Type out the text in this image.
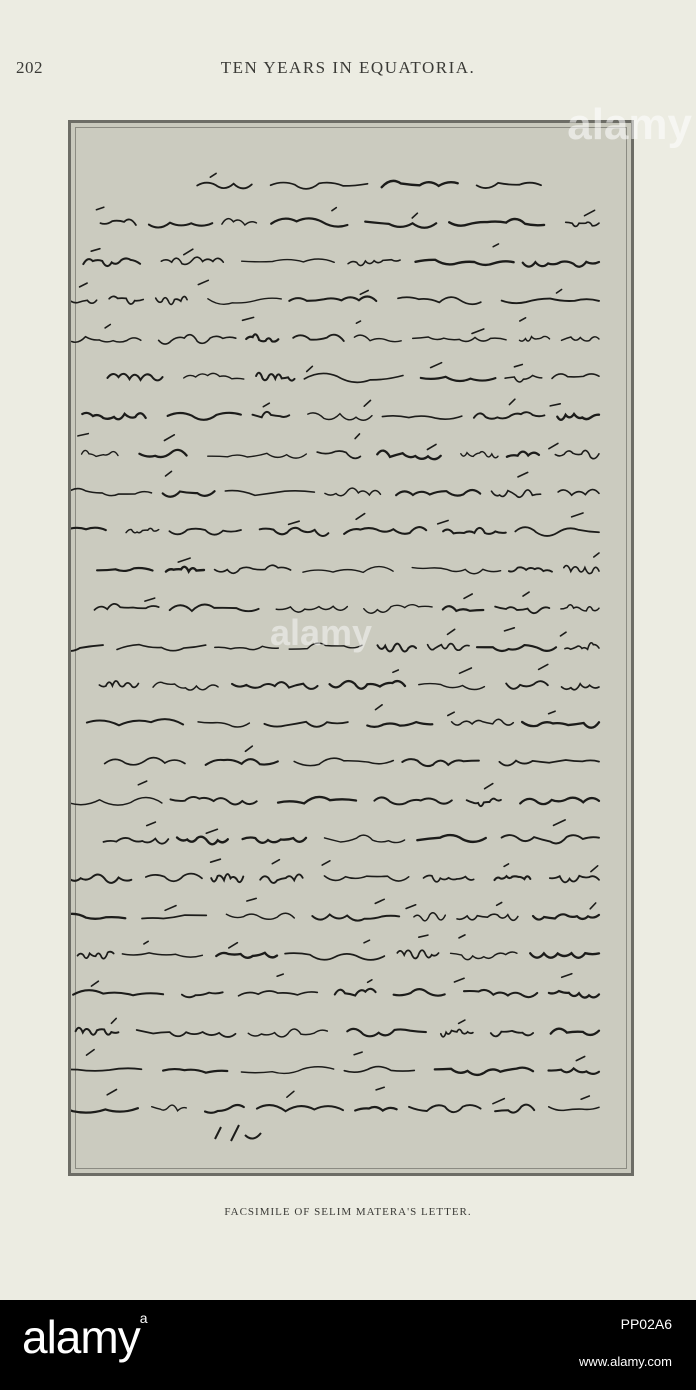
202	TEN YEARS IN EQUATORIA.
alamy
alamy
FACSIMILE OF SELIM MATERA'S LETTER.
alamy$^a$	PP02A6
www.alamy.com
